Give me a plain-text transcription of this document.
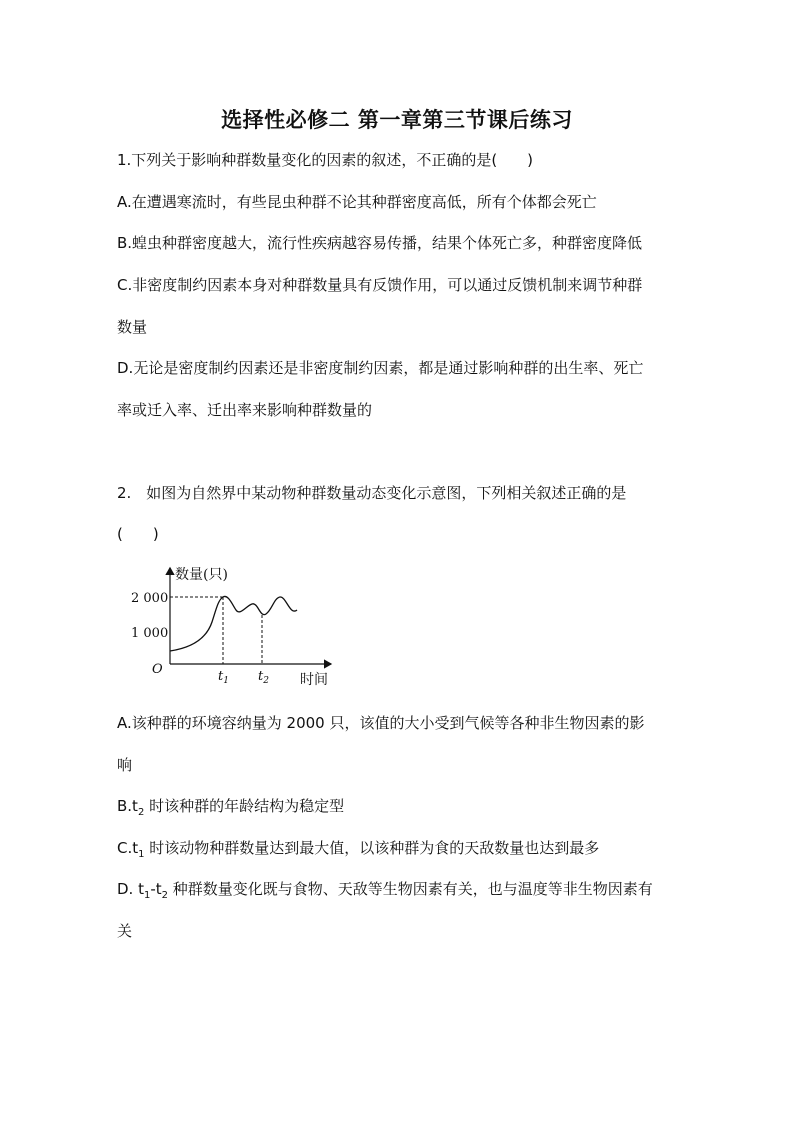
选择性必修二 第一章第三节课后练习
1.下列关于影响种群数量变化的因素的叙述，不正确的是(　　)
A.在遭遇寒流时，有些昆虫种群不论其种群密度高低，所有个体都会死亡
B.蝗虫种群密度越大，流行性疾病越容易传播，结果个体死亡多，种群密度降低
C.非密度制约因素本身对种群数量具有反馈作用，可以通过反馈机制来调节种群
数量
D.无论是密度制约因素还是非密度制约因素，都是通过影响种群的出生率、死亡
率或迁入率、迁出率来影响种群数量的
2.　如图为自然界中某动物种群数量动态变化示意图，下列相关叙述正确的是
(　　)
数量(只)
2 000
1 000
O	$t_1$ $t_2$ 时间
A.该种群的环境容纳量为 2000 只，该值的大小受到气候等各种非生物因素的影
响
$B.t_2$ 时该种群的年龄结构为稳定型
$C.t_1$ 时该动物种群数量达到最大值，以该种群为食的天敌数量也达到最多
D. $t_1-t_2$ 种群数量变化既与食物、天敌等生物因素有关，也与温度等非生物因素有
关
